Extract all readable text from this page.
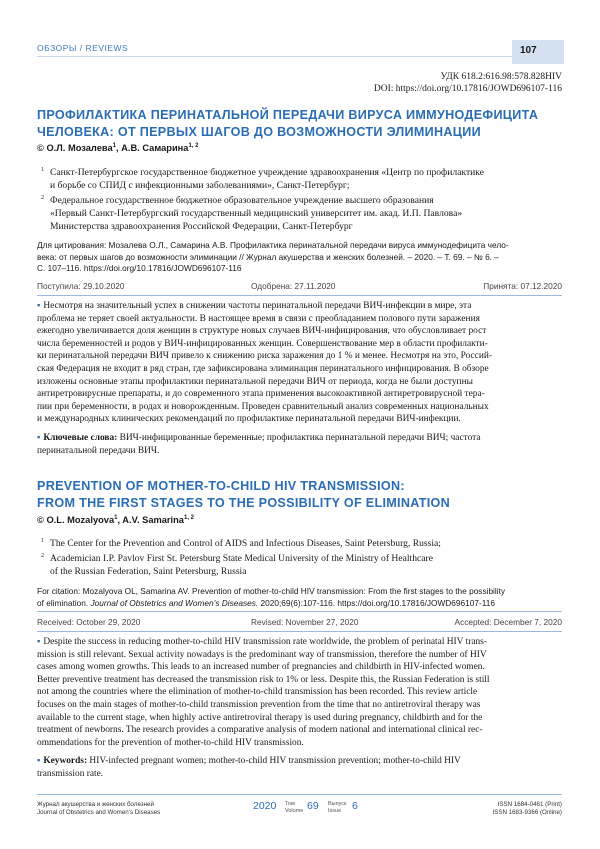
ОБЗОРЫ / REVIEWS	107
УДК 618.2:616.98:578.828HIV
DOI: https://doi.org/10.17816/JOWD696107-116
ПРОФИЛАКТИКА ПЕРИНАТАЛЬНОЙ ПЕРЕДАЧИ ВИРУСА ИММУНОДЕФИЦИТА
ЧЕЛОВЕКА: ОТ ПЕРВЫХ ШАГОВ ДО ВОЗМОЖНОСТИ ЭЛИМИНАЦИИ
© О.Л. Мозалева$^1$, А.В. Самарина$^{1, 2}$
1 Санкт-Петербургское государственное бюджетное учреждение здравоохранения «Центр по профилактике
и борьбе со СПИД с инфекционными заболеваниями», Санкт-Петербург;
2 Федеральное государственное бюджетное образовательное учреждение высшего образования
«Первый Санкт-Петербургский государственный медицинский университет им. акад. И.П. Павлова»
Министерства здравоохранения Российской Федерации, Санкт-Петербург
Для цитирования: Мозалева О.Л., Самарина А.В. Профилактика перинатальной передачи вируса иммунодефицита чело-
века: от первых шагов до возможности элиминации // Журнал акушерства и женских болезней. – 2020. – Т. 69. – № 6. –
С. 107–116. https://doi.org/10.17816/JOWD696107-116
Поступила: 29.10.2020	Одобрена: 27.11.2020	Принята: 07.12.2020
▪ Несмотря на значительный успех в снижении частоты перинатальной передачи ВИЧ-инфекции в мире, эта
проблема не теряет своей актуальности. В настоящее время в связи с преобладанием полового пути заражения
ежегодно увеличивается доля женщин в структуре новых случаев ВИЧ-инфицирования, что обусловливает рост
числа беременностей и родов у ВИЧ-инфицированных женщин. Совершенствование мер в области профилакти-
ки перинатальной передачи ВИЧ привело к снижению риска заражения до 1 % и менее. Несмотря на это, Россий-
ская Федерация не входит в ряд стран, где зафиксирована элиминация перинатального инфицирования. В обзоре
изложены основные этапы профилактики перинатальной передачи ВИЧ от периода, когда не были доступны
антиретровирусные препараты, и до современного этапа применения высокоактивной антиретровирусной тера-
пии при беременности, в родах и новорожденным. Проведен сравнительный анализ современных национальных
и международных клинических рекомендаций по профилактике перинатальной передачи ВИЧ-инфекции.
▪ Ключевые слова: ВИЧ-инфицированные беременные; профилактика перинатальной передачи ВИЧ; частота
перинатальной передачи ВИЧ.
PREVENTION OF MOTHER-TO-CHILD HIV TRANSMISSION:
FROM THE FIRST STAGES TO THE POSSIBILITY OF ELIMINATION
© O.L. Mozalyova$^1$, A.V. Samarina$^{1, 2}$
1 The Center for the Prevention and Control of AIDS and Infectious Diseases, Saint Petersburg, Russia;
2 Academician I.P. Pavlov First St. Petersburg State Medical University of the Ministry of Healthcare
of the Russian Federation, Saint Petersburg, Russia
For citation: Mozalyova OL, Samarina AV. Prevention of mother-to-child HIV transmission: From the first stages to the possibility
of elimination. Journal of Obstetrics and Women’s Diseases. 2020;69(6):107-116. https://doi.org/10.17816/JOWD696107-116
Received: October 29, 2020	Revised: November 27, 2020	Accepted: December 7, 2020
▪ Despite the success in reducing mother-to-child HIV transmission rate worldwide, the problem of perinatal HIV trans-
mission is still relevant. Sexual activity nowadays is the predominant way of transmission, therefore the number of HIV
cases among women growths. This leads to an increased number of pregnancies and childbirth in HIV-infected women.
Better preventive treatment has decreased the transmission risk to 1% or less. Despite this, the Russian Federation is still
not among the countries where the elimination of mother-to-child transmission has been recorded. This review article
focuses on the main stages of mother-to-child transmission prevention from the time that no antiretroviral therapy was
available to the current stage, when highly active antiretroviral therapy is used during pregnancy, childbirth and for the
treatment of newborns. The research provides a comparative analysis of modern national and international clinical rec-
ommendations for the prevention of mother-to-child HIV transmission.
▪ Keywords: HIV-infected pregnant women; mother-to-child HIV transmission prevention; mother-to-child HIV
transmission rate.
Журнал акушерства и женских болезней
Journal of Obstetrics and Women’s Diseases
2020 Том
Volume 69 Выпуск
Issue	6	ISSN 1684-0461 (Print)
ISSN 1683-9366 (Online)
